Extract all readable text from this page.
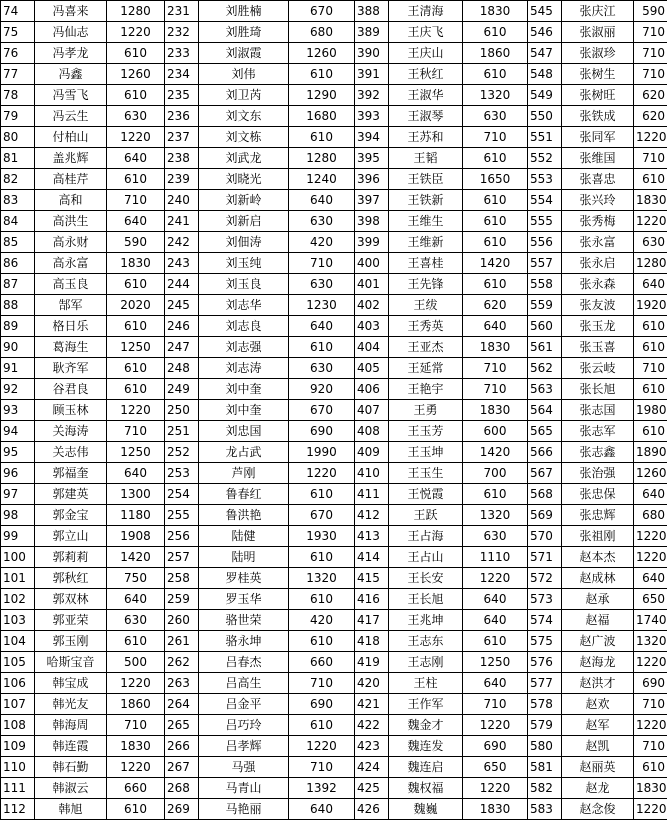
74	冯喜来	1280	231	刘胜楠	670	388	王清海	1830	545	张庆江	590
75	冯仙志	1220	232	刘胜琦	680	389	王庆飞	610	546	张淑丽	710
76	冯孝龙	610	233	刘淑霞	1260	390	王庆山	1860	547	张淑珍	710
77	冯鑫	1260	234	刘伟	610	391	王秋红	610	548	张树生	710
78	冯雪飞	610	235	刘卫芮	1290	392	王淑华	1320	549	张树旺	620
79	冯云生	630	236	刘文东	1680	393	王淑琴	630	550	张铁成	620
80	付柏山	1220	237	刘文栋	610	394	王苏和	710	551	张同军	1220
81	盖兆辉	640	238	刘武龙	1280	395	王韬	610	552	张维国	710
82	高桂芹	610	239	刘晓光	1240	396	王铁臣	1650	553	张喜忠	610
83	高和	710	240	刘新岭	640	397	王铁新	610	554	张兴玲	1830
84	高洪生	640	241	刘新启	630	398	王维生	610	555	张秀梅	1220
85	高永财	590	242	刘佃涛	420	399	王维新	610	556	张永富	630
86	高永富	1830	243	刘玉纯	710	400	王喜桂	1420	557	张永启	1280
87	高玉良	610	244	刘玉良	630	401	王先锋	610	558	张永森	640
88	郜军	2020	245	刘志华	1230	402	王绂	620	559	张友波	1920
89	格日乐	610	246	刘志良	640	403	王秀英	640	560	张玉龙	610
90	葛海生	1250	247	刘志强	610	404	王亚杰	1830	561	张玉喜	610
91	耿齐军	610	248	刘志涛	630	405	王延常	710	562	张云岐	710
92	谷君良	610	249	刘中奎	920	406	王艳宇	710	563	张长旭	610
93	顾玉林	1220	250	刘中奎	670	407	王勇	1830	564	张志国	1980
94	关海涛	710	251	刘忠国	690	408	王玉芳	600	565	张志军	610
95	关志伟	1250	252	龙占武	1990	409	王玉坤	1420	566	张志鑫	1890
96	郭福奎	640	253	芦刚	1220	410	王玉生	700	567	张治强	1260
97	郭建英	1300	254	鲁春红	610	411	王悦霞	610	568	张忠保	640
98	郭金宝	1180	255	鲁洪艳	670	412	王跃	1320	569	张忠辉	680
99	郭立山	1908	256	陆健	1930	413	王占海	630	570	张祖刚	1220
100	郭莉莉	1420	257	陆明	610	414	王占山	1110	571	赵本杰	1220
101	郭秋红	750	258	罗桂英	1320	415	王长安	1220	572	赵成林	640
102	郭双林	640	259	罗玉华	610	416	王长旭	640	573	赵承	650
103	郭亚荣	630	260	骆世荣	420	417	王兆坤	640	574	赵福	1740
104	郭玉刚	610	261	骆永坤	610	418	王志东	610	575	赵广波	1320
105	哈斯宝音	500	262	吕春杰	660	419	王志刚	1250	576	赵海龙	1220
106	韩宝成	1220	263	吕高生	710	420	王柱	640	577	赵洪才	690
107	韩光友	1860	264	吕金平	690	421	王作军	710	578	赵欢	710
108	韩海周	710	265	吕巧玲	610	422	魏金才	1220	579	赵军	1220
109	韩连霞	1830	266	吕孝辉	1220	423	魏连发	690	580	赵凯	710
110	韩石勤	1220	267	马强	710	424	魏连启	650	581	赵丽英	610
111	韩淑云	660	268	马青山	1392	425	魏权福	1220	582	赵龙	1830
112	韩旭	610	269	马艳丽	640	426	魏巍	1830	583	赵念俊	1220
